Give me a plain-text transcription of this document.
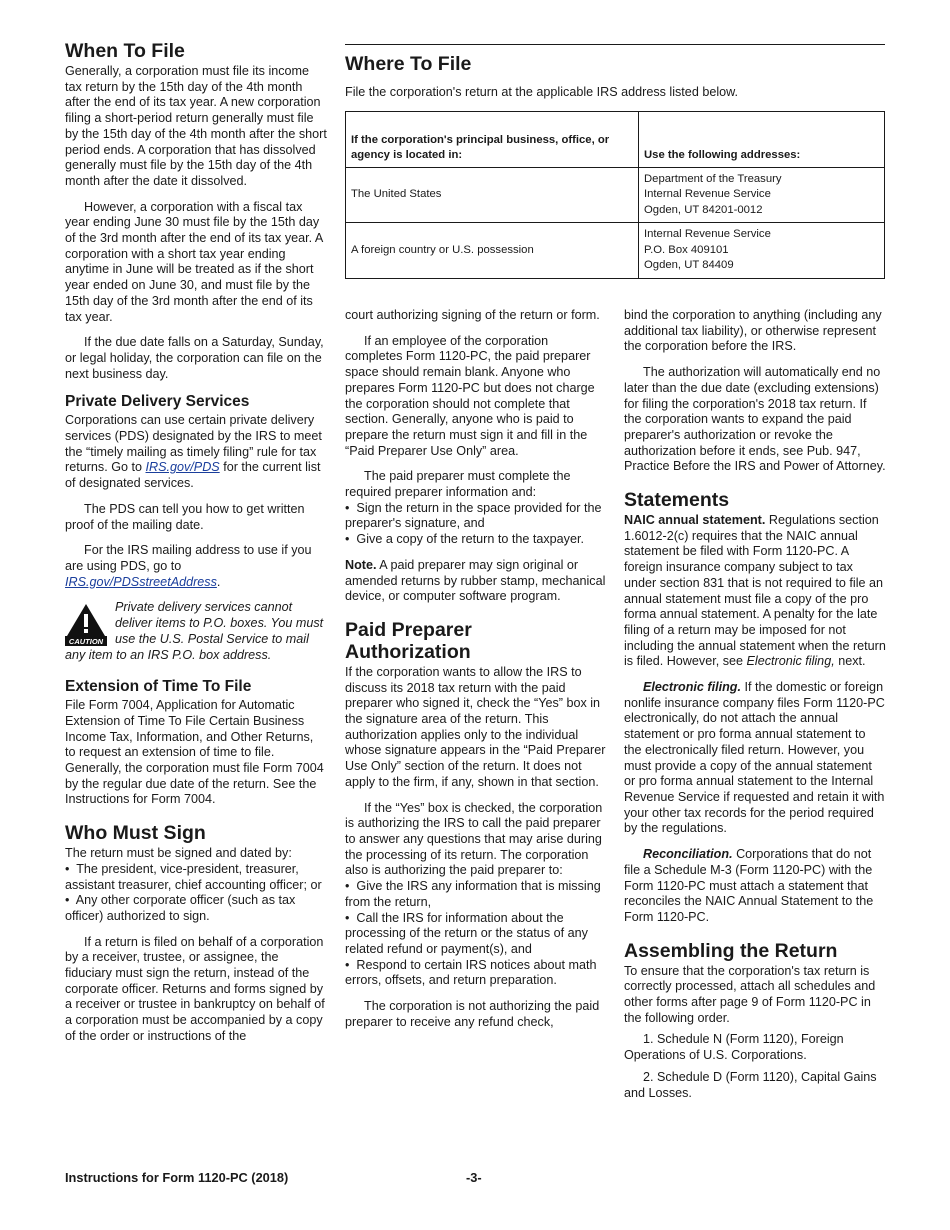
When To File

Generally, a corporation must file its income tax return by the 15th day of the 4th month after the end of its tax year. A new corporation filing a short-period return generally must file by the 15th day of the 4th month after the short period ends. A corporation that has dissolved generally must file by the 15th day of the 4th month after the date it dissolved.

However, a corporation with a fiscal tax year ending June 30 must file by the 15th day of the 3rd month after the end of its tax year. A corporation with a short tax year ending anytime in June will be treated as if the short year ended on June 30, and must file by the 15th day of the 3rd month after the end of its tax year.

If the due date falls on a Saturday, Sunday, or legal holiday, the corporation can file on the next business day.

Private Delivery Services

Corporations can use certain private delivery services (PDS) designated by the IRS to meet the “timely mailing as timely filing” rule for tax returns. Go to IRS.gov/PDS for the current list of designated services.

The PDS can tell you how to get written proof of the mailing date.

For the IRS mailing address to use if you are using PDS, go to IRS.gov/PDSstreetAddress.

CAUTION
Private delivery services cannot deliver items to P.O. boxes. You must use the U.S. Postal Service to mail any item to an IRS P.O. box address.
Extension of Time To File

File Form 7004, Application for Automatic Extension of Time To File Certain Business Income Tax, Information, and Other Returns, to request an extension of time to file. Generally, the corporation must file Form 7004 by the regular due date of the return. See the Instructions for Form 7004.

Who Must Sign

The return must be signed and dated by:

•  The president, vice-president, treasurer, assistant treasurer, chief accounting officer; or

•  Any other corporate officer (such as tax officer) authorized to sign.

If a return is filed on behalf of a corporation by a receiver, trustee, or assignee, the fiduciary must sign the return, instead of the corporate officer. Returns and forms signed by a receiver or trustee in bankruptcy on behalf of a corporation must be accompanied by a copy of the order or instructions of the

Where To File

File the corporation's return at the applicable IRS address listed below.

If the corporation's principal business, office, or agency is located in:	Use the following addresses:
The United States	Department of the Treasury
Internal Revenue Service
Ogden, UT 84201-0012

A foreign country or U.S. possession	Internal Revenue Service
P.O. Box 409101
Ogden, UT 84409

court authorizing signing of the return or form.

If an employee of the corporation completes Form 1120-PC, the paid preparer space should remain blank. Anyone who prepares Form 1120-PC but does not charge the corporation should not complete that section. Generally, anyone who is paid to prepare the return must sign it and fill in the “Paid Preparer Use Only” area.

The paid preparer must complete the required preparer information and:

•  Sign the return in the space provided for the preparer's signature, and

•  Give a copy of the return to the taxpayer.

Note. A paid preparer may sign original or amended returns by rubber stamp, mechanical device, or computer software program.

Paid Preparer
Authorization

If the corporation wants to allow the IRS to discuss its 2018 tax return with the paid preparer who signed it, check the “Yes” box in the signature area of the return. This authorization applies only to the individual whose signature appears in the “Paid Preparer Use Only” section of the return. It does not apply to the firm, if any, shown in that section.

If the “Yes” box is checked, the corporation is authorizing the IRS to call the paid preparer to answer any questions that may arise during the processing of its return. The corporation also is authorizing the paid preparer to:

•  Give the IRS any information that is missing from the return,

•  Call the IRS for information about the processing of the return or the status of any related refund or payment(s), and

•  Respond to certain IRS notices about math errors, offsets, and return preparation.

The corporation is not authorizing the paid preparer to receive any refund check,

bind the corporation to anything (including any additional tax liability), or otherwise represent the corporation before the IRS.

The authorization will automatically end no later than the due date (excluding extensions) for filing the corporation's 2018 tax return. If the corporation wants to expand the paid preparer's authorization or revoke the authorization before it ends, see Pub. 947, Practice Before the IRS and Power of Attorney.

Statements

NAIC annual statement. Regulations section 1.6012-2(c) requires that the NAIC annual statement be filed with Form 1120-PC. A foreign insurance company subject to tax under section 831 that is not required to file an annual statement must file a copy of the pro forma annual statement. A penalty for the late filing of a return may be imposed for not including the annual statement when the return is filed. However, see Electronic filing, next.

Electronic filing. If the domestic or foreign nonlife insurance company files Form 1120-PC electronically, do not attach the annual statement or pro forma annual statement to the electronically filed return. However, you must provide a copy of the annual statement or pro forma annual statement to the Internal Revenue Service if requested and retain it with your other tax records for the period required by the regulations.

Reconciliation. Corporations that do not file a Schedule M-3 (Form 1120-PC) with the Form 1120-PC must attach a statement that reconciles the NAIC Annual Statement to the Form 1120-PC.

Assembling the Return

To ensure that the corporation's tax return is correctly processed, attach all schedules and other forms after page 9 of Form 1120-PC in the following order.

1. Schedule N (Form 1120), Foreign Operations of U.S. Corporations.

2. Schedule D (Form 1120), Capital Gains and Losses.

Instructions for Form 1120-PC (2018)	-3-
